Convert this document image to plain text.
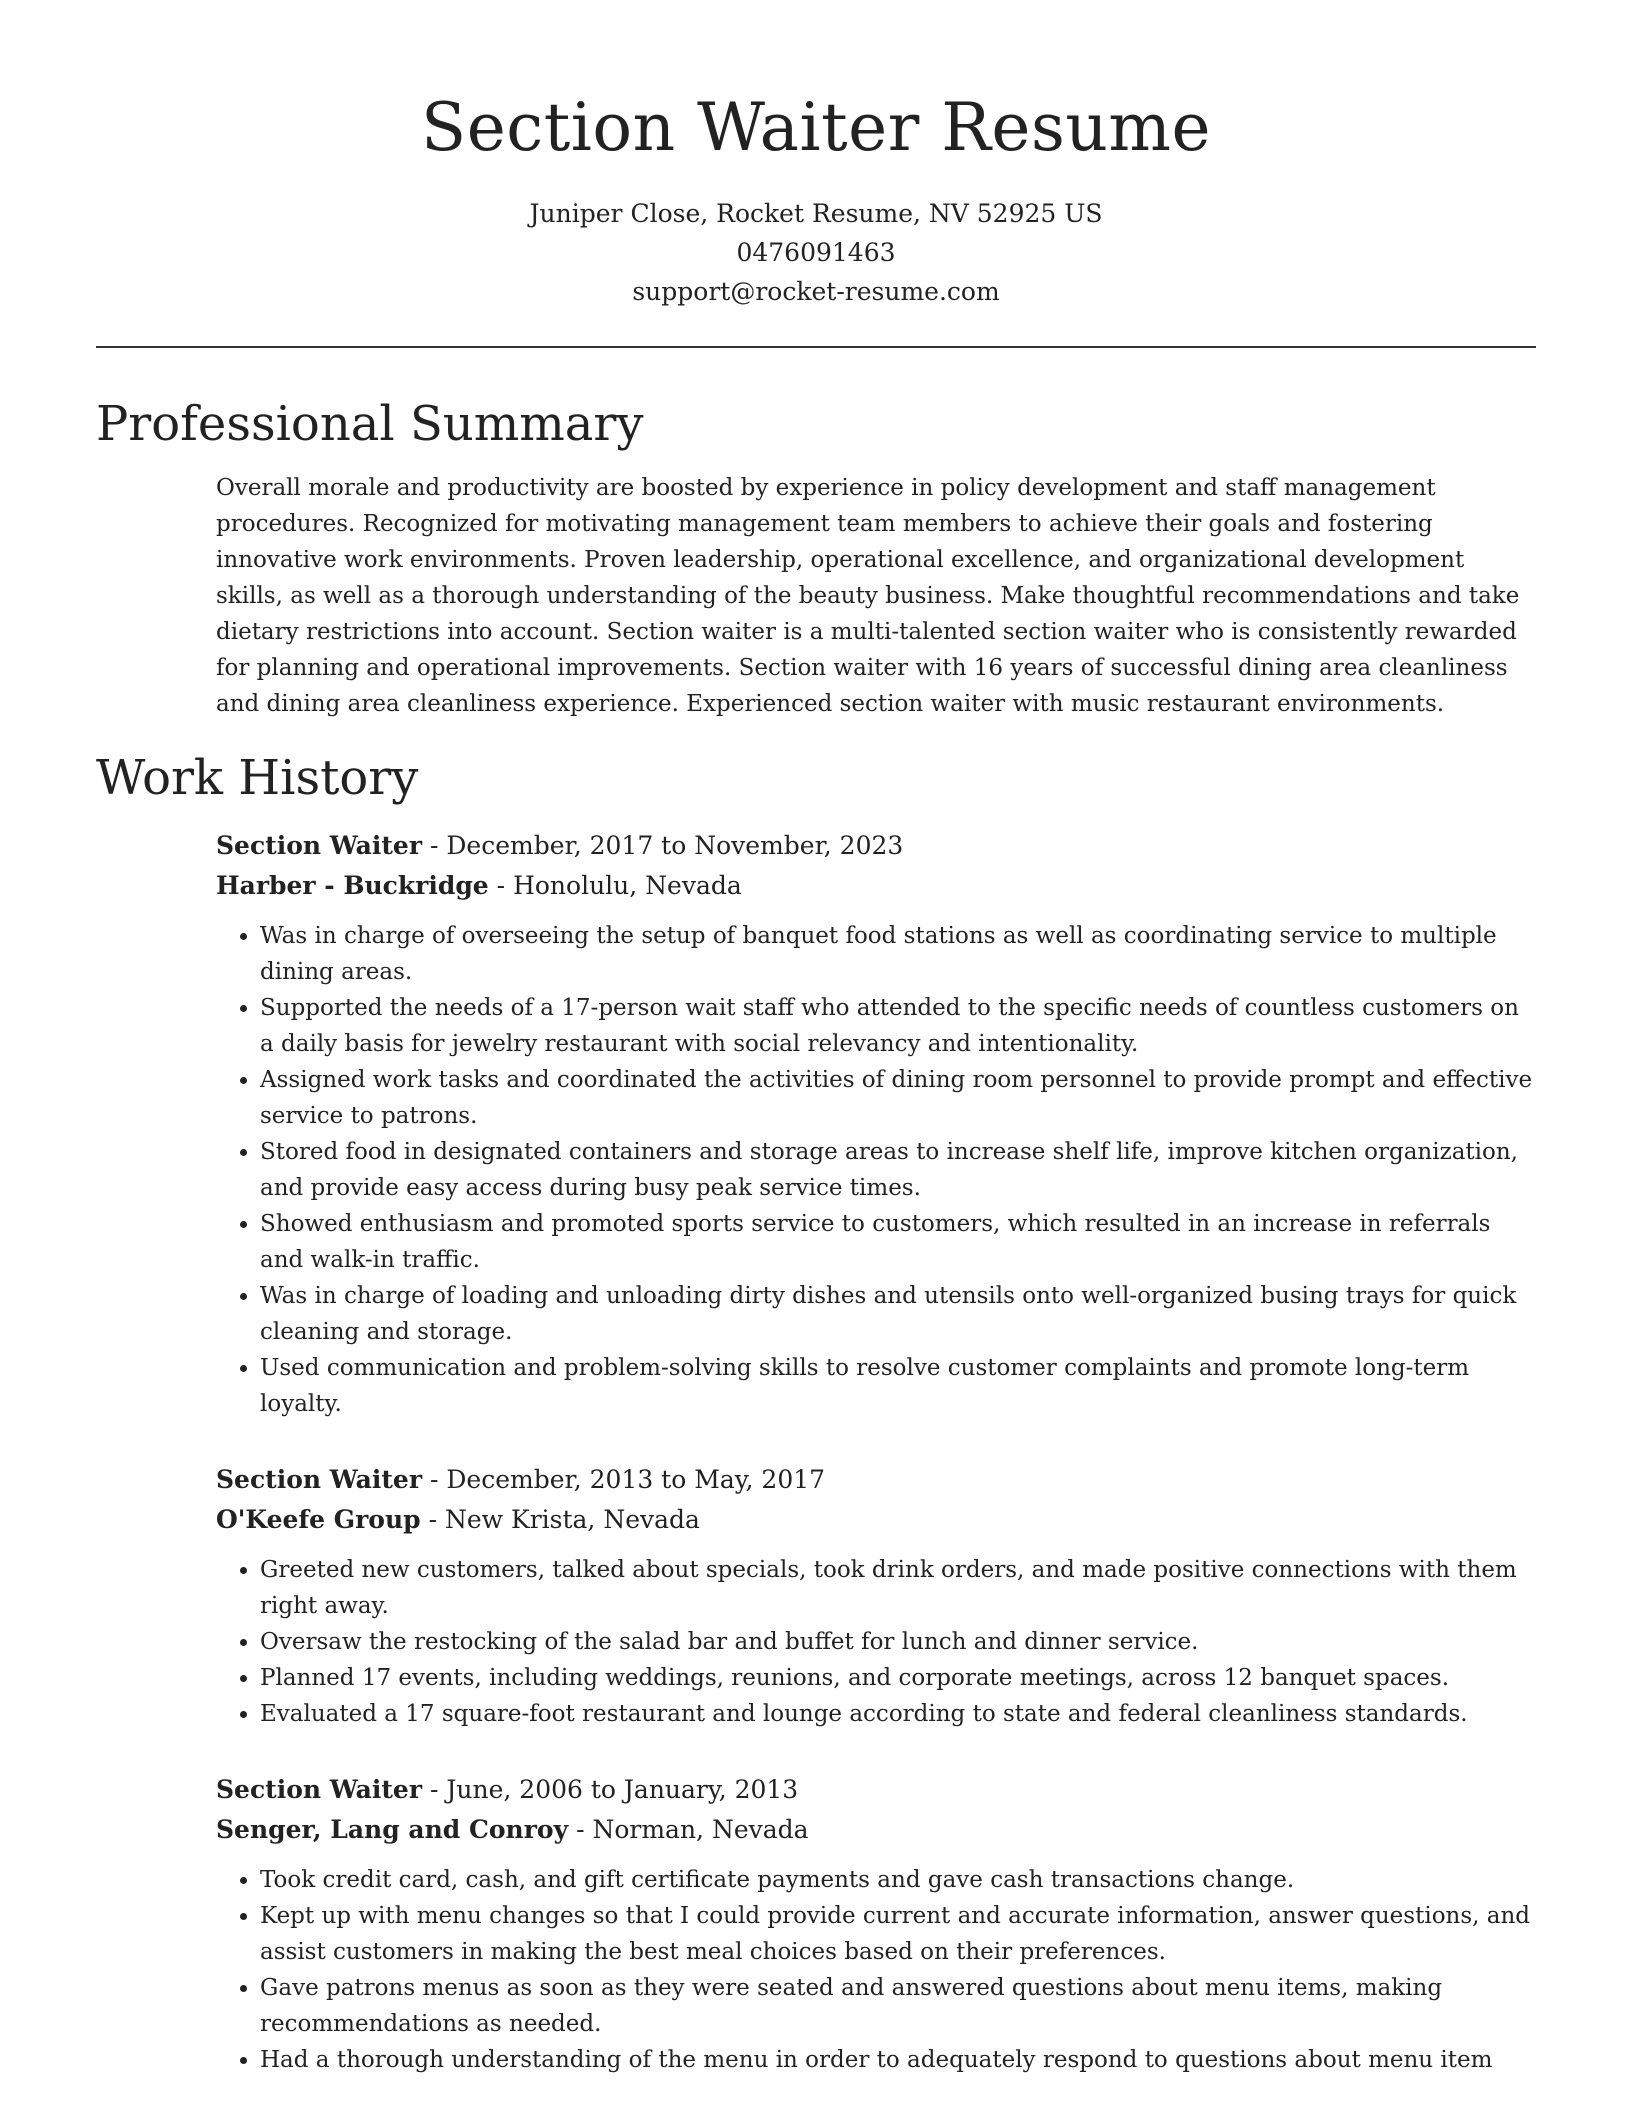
Section Waiter Resume
Juniper Close, Rocket Resume, NV 52925 US
0476091463
support@rocket-resume.com
Professional Summary

Overall morale and productivity are boosted by experience in policy development and staff management procedures. Recognized for motivating management team members to achieve their goals and fostering innovative work environments. Proven leadership, operational excellence, and organizational development skills, as well as a thorough understanding of the beauty business. Make thoughtful recommendations and take dietary restrictions into account. Section waiter is a multi-talented section waiter who is consistently rewarded for planning and operational improvements. Section waiter with 16 years of successful dining area cleanliness and dining area cleanliness experience. Experienced section waiter with music restaurant environments.

Work History
Section Waiter - December, 2017 to November, 2023
Harber - Buckridge - Honolulu, Nevada
• Was in charge of overseeing the setup of banquet food stations as well as coordinating service to multiple dining areas.
• Supported the needs of a 17-person wait staff who attended to the specific needs of countless customers on a daily basis for jewelry restaurant with social relevancy and intentionality.
• Assigned work tasks and coordinated the activities of dining room personnel to provide prompt and effective service to patrons.
• Stored food in designated containers and storage areas to increase shelf life, improve kitchen organization, and provide easy access during busy peak service times.
• Showed enthusiasm and promoted sports service to customers, which resulted in an increase in referrals and walk-in traffic.
• Was in charge of loading and unloading dirty dishes and utensils onto well-organized busing trays for quick cleaning and storage.
• Used communication and problem-solving skills to resolve customer complaints and promote long-term loyalty.
Section Waiter - December, 2013 to May, 2017
O'Keefe Group - New Krista, Nevada
• Greeted new customers, talked about specials, took drink orders, and made positive connections with them right away.
• Oversaw the restocking of the salad bar and buffet for lunch and dinner service.
• Planned 17 events, including weddings, reunions, and corporate meetings, across 12 banquet spaces.
• Evaluated a 17 square-foot restaurant and lounge according to state and federal cleanliness standards.
Section Waiter - June, 2006 to January, 2013
Senger, Lang and Conroy - Norman, Nevada
• Took credit card, cash, and gift certificate payments and gave cash transactions change.
• Kept up with menu changes so that I could provide current and accurate information, answer questions, and assist customers in making the best meal choices based on their preferences.
• Gave patrons menus as soon as they were seated and answered questions about menu items, making recommendations as needed.
• Had a thorough understanding of the menu in order to adequately respond to questions about menu item
